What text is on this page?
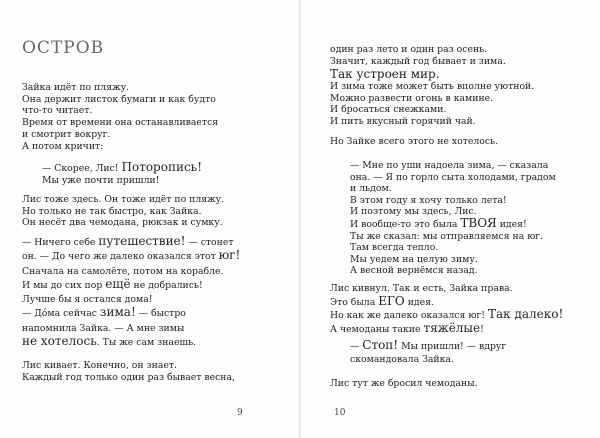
ОСТРОВ
Зайка идёт по пляжу.
Она держит листок бумаги и как будто
что-то читает.
Время от времени она останавливается
и смотрит вокруг.
А потом кричит:
— Скорее, Лис! Поторопись!
Мы уже почти пришли!
Лис тоже здесь. Он тоже идёт по пляжу.
Но только не так быстро, как Зайка.
Он несёт два чемодана, рюкзак и сумку.
— Ничего себе путешествие! — стонет
он. — До чего же далеко оказался этот юг!
Сначала на самолёте, потом на корабле.
И мы до сих пор ещё не добрались!
Лучше бы я остался дома!
— Дóма сейчас зима! — быстро
напомнила Зайка. — А мне зимы
не хотелось. Ты же сам знаешь.
Лис кивает. Конечно, он знает.
Каждый год только один раз бывает весна,
9
один раз лето и один раз осень.
Значит, каждый год бывает и зима.
Так устроен мир.
И зима тоже может быть вполне уютной.
Можно развести огонь в камине.
И бросаться снежками.
И пить вкусный горячий чай.
Но Зайке всего этого не хотелось.
— Мне по уши надоела зима, — сказала
она. — Я по горло сыта холодами, градом
и льдом.
В этом году я хочу только лета!
И поэтому мы здесь, Лис.
И вообще-то это была ТВОЯ идея!
Ты же сказал: мы отправляемся на юг.
Там всегда тепло.
Мы уедем на целую зиму.
А весной вернёмся назад.
Лис кивнул. Так и есть, Зайка права.
Это была ЕГО идея.
Но как же далеко оказался юг! Так далеко!
А чемоданы такие тяжёлые!
— Стоп! Мы пришли! — вдруг
скомандовала Зайка.
Лис тут же бросил чемоданы.
10
